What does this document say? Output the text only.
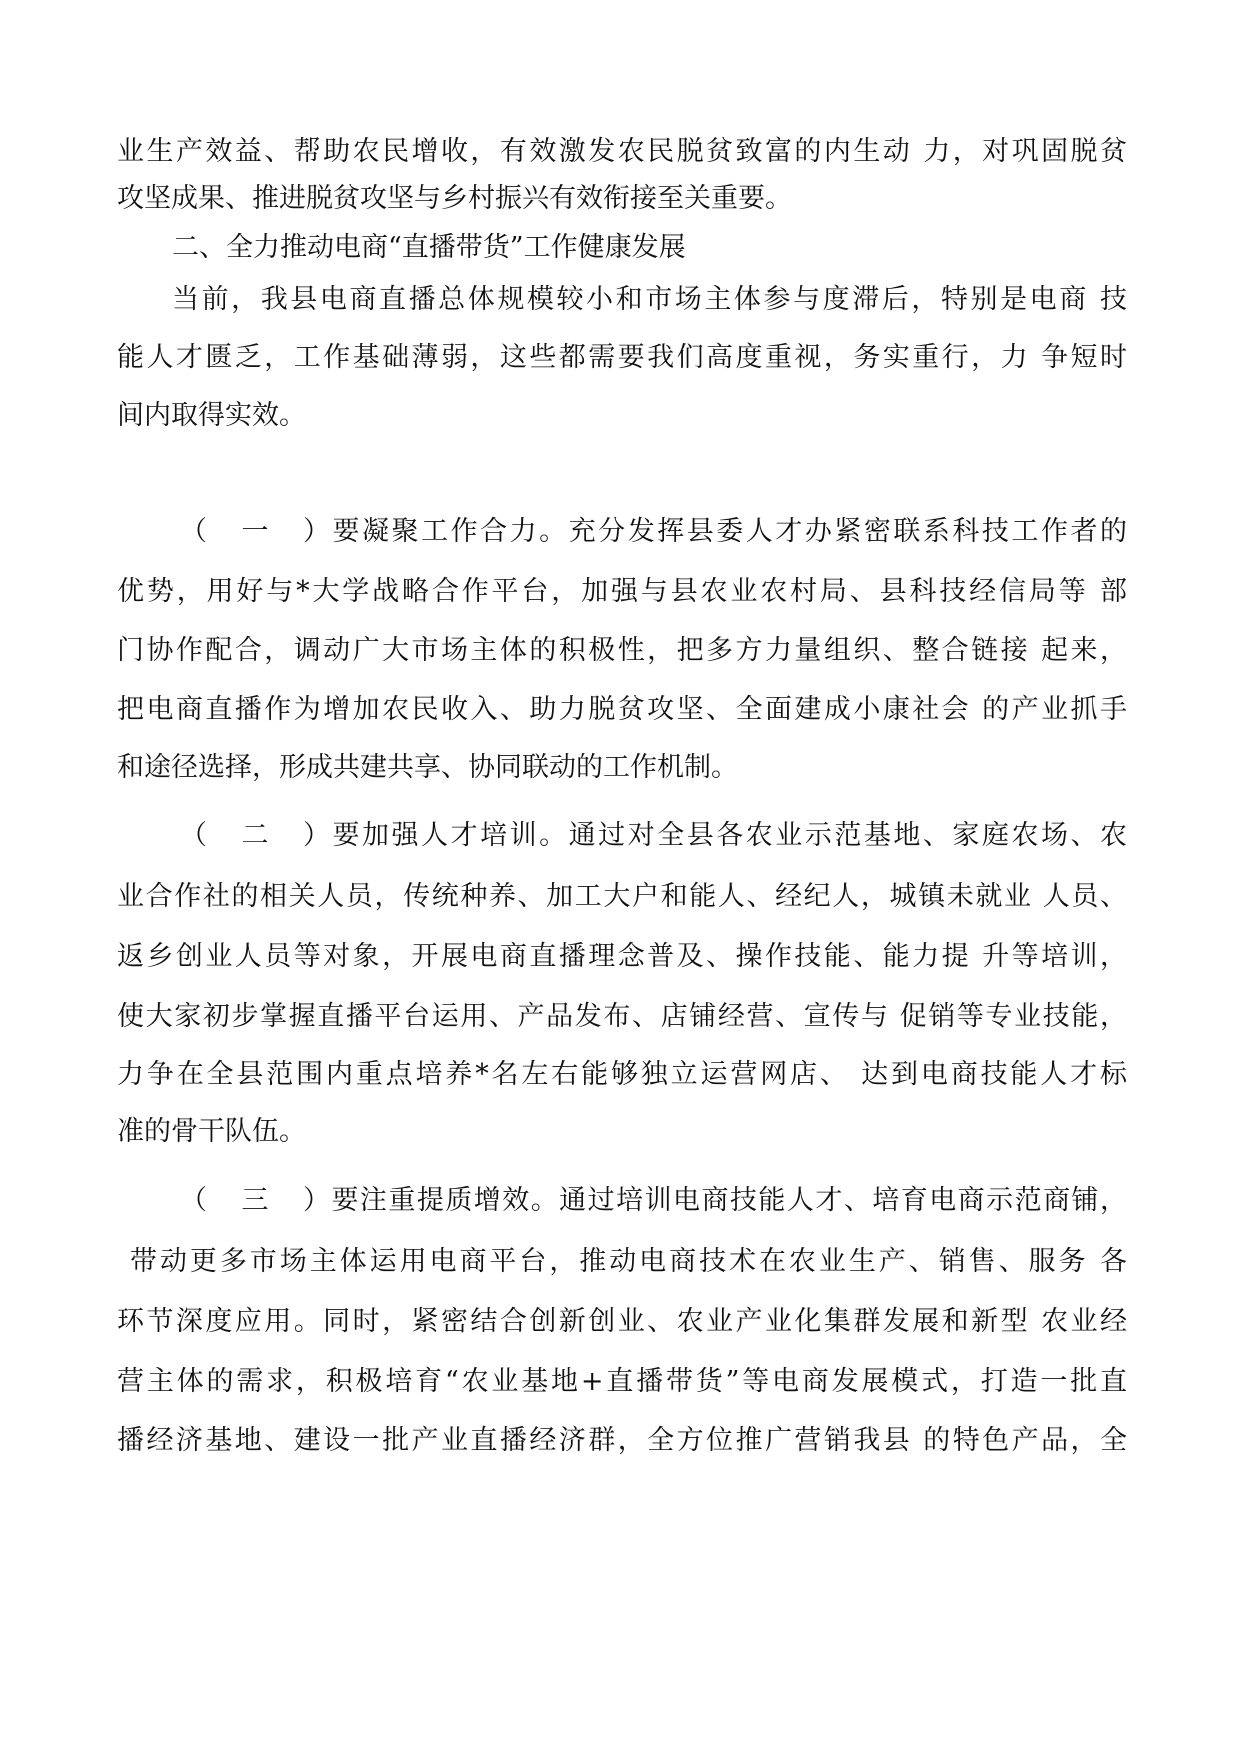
业生产效益、帮助农民增收，有效激发农民脱贫致富的内生动 力，对巩固脱贫
攻坚成果、推进脱贫攻坚与乡村振兴有效衔接至关重要。
二、全力推动电商“直播带货”工作健康发展
当前，我县电商直播总体规模较小和市场主体参与度滞后，特别是电商 技
能人才匮乏，工作基础薄弱，这些都需要我们高度重视，务实重行，力 争短时
间内取得实效。
（一）要凝聚工作合力。充分发挥县委人才办紧密联系科技工作者的
优势，用好与*大学战略合作平台，加强与县农业农村局、县科技经信局等 部
门协作配合，调动广大市场主体的积极性，把多方力量组织、整合链接 起来，
把电商直播作为增加农民收入、助力脱贫攻坚、全面建成小康社会 的产业抓手
和途径选择，形成共建共享、协同联动的工作机制。
（二）要加强人才培训。通过对全县各农业示范基地、家庭农场、农
业合作社的相关人员，传统种养、加工大户和能人、经纪人，城镇未就业 人员、
返乡创业人员等对象，开展电商直播理念普及、操作技能、能力提 升等培训，
使大家初步掌握直播平台运用、产品发布、店铺经营、宣传与 促销等专业技能，
力争在全县范围内重点培养*名左右能够独立运营网店、 达到电商技能人才标
准的骨干队伍。
（三）要注重提质增效。通过培训电商技能人才、培育电商示范商铺，
带动更多市场主体运用电商平台，推动电商技术在农业生产、销售、服务 各
环节深度应用。同时，紧密结合创新创业、农业产业化集群发展和新型 农业经
营主体的需求，积极培育“农业基地+直播带货”等电商发展模式，打造一批直
播经济基地、建设一批产业直播经济群，全方位推广营销我县 的特色产品，全
